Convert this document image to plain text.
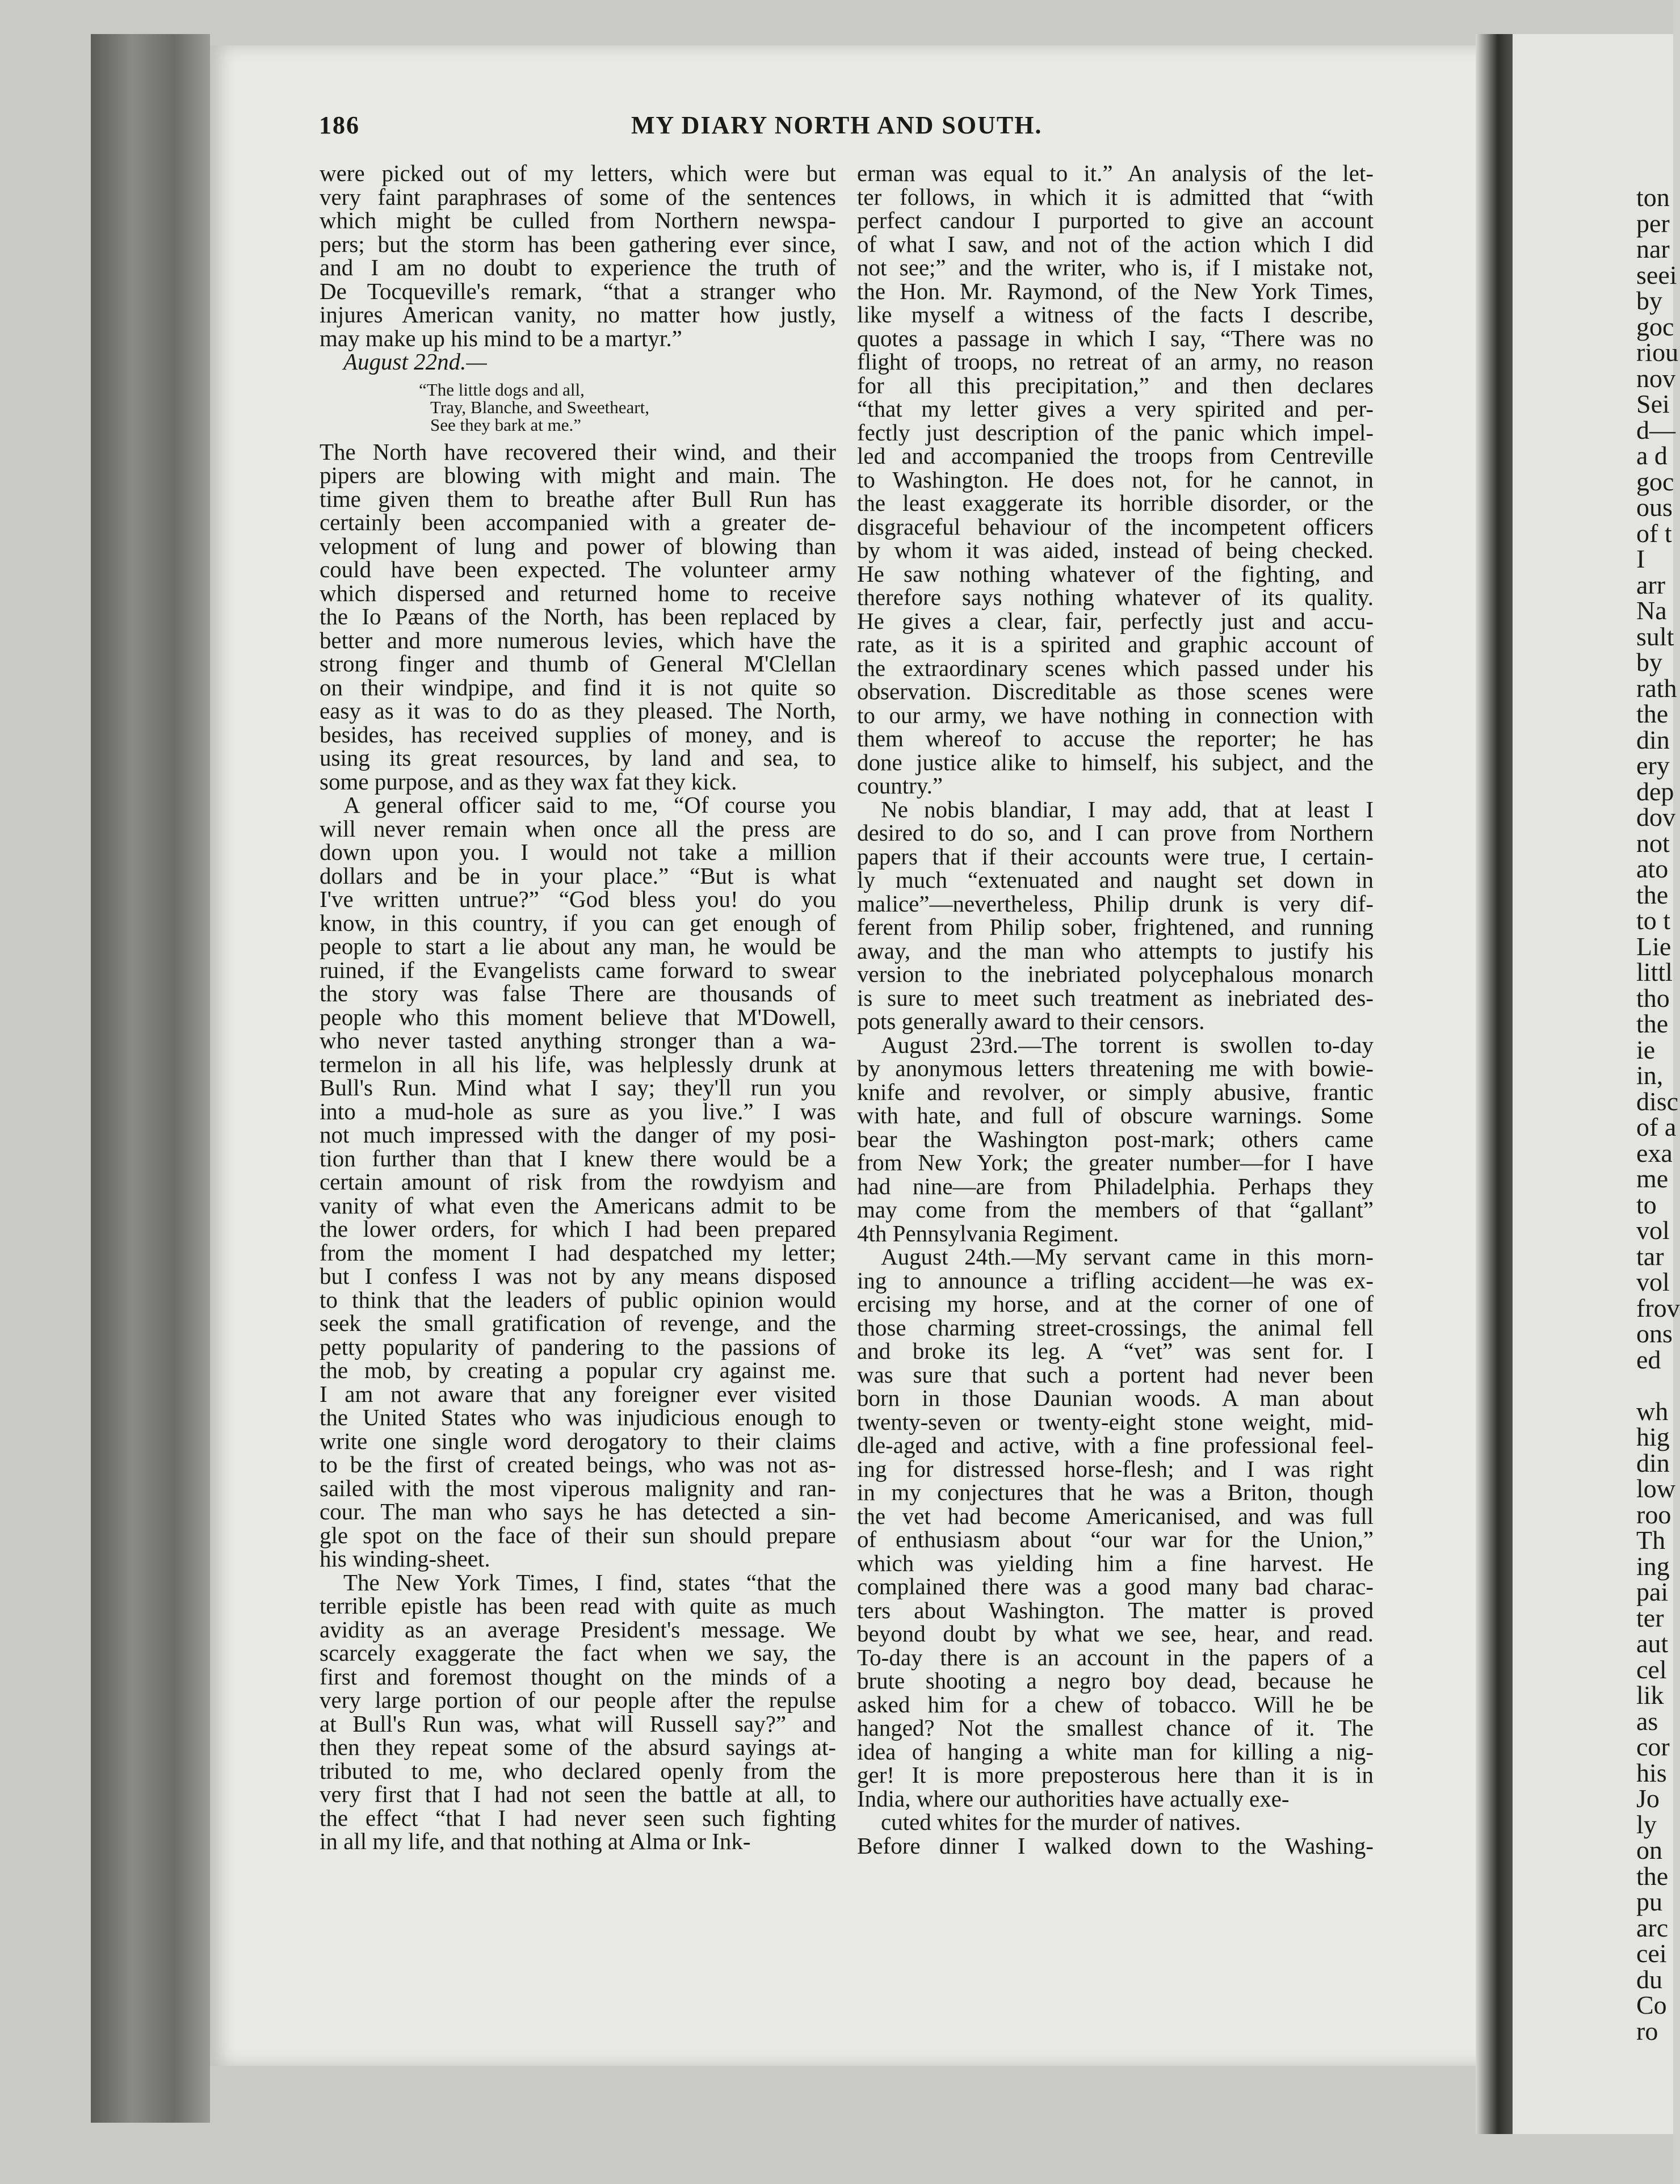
ton
per
nar
seei
by
goc
riou
nov
Sei
d—
a d
goc
ous
of t
I
arr
Na
sult
by
rath
the
din
ery
dep
dov
not
ato
the
to t
Lie
littl
tho
the
ie
in,
disc
of a
exa
me
to
vol
tar
vol
frov
ons
ed
wh
hig
din
low
roo
Th
ing
pai
ter
aut
cel
lik
as
cor
his
Jo
ly
on
the
pu
arc
cei
du
Co
ro
186	MY DIARY NORTH AND SOUTH.
were picked out of my letters, which were but
very faint paraphrases of some of the sentences
which might be culled from Northern newspa-
pers; but the storm has been gathering ever since,
and I am no doubt to experience the truth of
De Tocqueville's remark, “that a stranger who
injures American vanity, no matter how justly,
may make up his mind to be a martyr.”
August 22nd.—
“The little dogs and all,
Tray, Blanche, and Sweetheart,
See they bark at me.”
The North have recovered their wind, and their
pipers are blowing with might and main. The
time given them to breathe after Bull Run has
certainly been accompanied with a greater de-
velopment of lung and power of blowing than
could have been expected. The volunteer army
which dispersed and returned home to receive
the Io Pæans of the North, has been replaced by
better and more numerous levies, which have the
strong finger and thumb of General M'Clellan
on their windpipe, and find it is not quite so
easy as it was to do as they pleased. The North,
besides, has received supplies of money, and is
using its great resources, by land and sea, to
some purpose, and as they wax fat they kick.
A general officer said to me, “Of course you
will never remain when once all the press are
down upon you. I would not take a million
dollars and be in your place.” “But is what
I've written untrue?” “God bless you! do you
know, in this country, if you can get enough of
people to start a lie about any man, he would be
ruined, if the Evangelists came forward to swear
the story was false There are thousands of
people who this moment believe that M'Dowell,
who never tasted anything stronger than a wa-
termelon in all his life, was helplessly drunk at
Bull's Run. Mind what I say; they'll run you
into a mud-hole as sure as you live.” I was
not much impressed with the danger of my posi-
tion further than that I knew there would be a
certain amount of risk from the rowdyism and
vanity of what even the Americans admit to be
the lower orders, for which I had been prepared
from the moment I had despatched my letter;
but I confess I was not by any means disposed
to think that the leaders of public opinion would
seek the small gratification of revenge, and the
petty popularity of pandering to the passions of
the mob, by creating a popular cry against me.
I am not aware that any foreigner ever visited
the United States who was injudicious enough to
write one single word derogatory to their claims
to be the first of created beings, who was not as-
sailed with the most viperous malignity and ran-
cour. The man who says he has detected a sin-
gle spot on the face of their sun should prepare
his winding-sheet.
The New York Times, I find, states “that the
terrible epistle has been read with quite as much
avidity as an average President's message. We
scarcely exaggerate the fact when we say, the
first and foremost thought on the minds of a
very large portion of our people after the repulse
at Bull's Run was, what will Russell say?” and
then they repeat some of the absurd sayings at-
tributed to me, who declared openly from the
very first that I had not seen the battle at all, to
the effect “that I had never seen such fighting
in all my life, and that nothing at Alma or Ink-
erman was equal to it.” An analysis of the let-
ter follows, in which it is admitted that “with
perfect candour I purported to give an account
of what I saw, and not of the action which I did
not see;” and the writer, who is, if I mistake not,
the Hon. Mr. Raymond, of the New York Times,
like myself a witness of the facts I describe,
quotes a passage in which I say, “There was no
flight of troops, no retreat of an army, no reason
for all this precipitation,” and then declares
“that my letter gives a very spirited and per-
fectly just description of the panic which impel-
led and accompanied the troops from Centreville
to Washington. He does not, for he cannot, in
the least exaggerate its horrible disorder, or the
disgraceful behaviour of the incompetent officers
by whom it was aided, instead of being checked.
He saw nothing whatever of the fighting, and
therefore says nothing whatever of its quality.
He gives a clear, fair, perfectly just and accu-
rate, as it is a spirited and graphic account of
the extraordinary scenes which passed under his
observation. Discreditable as those scenes were
to our army, we have nothing in connection with
them whereof to accuse the reporter; he has
done justice alike to himself, his subject, and the
country.”
Ne nobis blandiar, I may add, that at least I
desired to do so, and I can prove from Northern
papers that if their accounts were true, I certain-
ly much “extenuated and naught set down in
malice”—nevertheless, Philip drunk is very dif-
ferent from Philip sober, frightened, and running
away, and the man who attempts to justify his
version to the inebriated polycephalous monarch
is sure to meet such treatment as inebriated des-
pots generally award to their censors.
August 23rd.—The torrent is swollen to-day
by anonymous letters threatening me with bowie-
knife and revolver, or simply abusive, frantic
with hate, and full of obscure warnings. Some
bear the Washington post-mark; others came
from New York; the greater number—for I have
had nine—are from Philadelphia. Perhaps they
may come from the members of that “gallant”
4th Pennsylvania Regiment.
August 24th.—My servant came in this morn-
ing to announce a trifling accident—he was ex-
ercising my horse, and at the corner of one of
those charming street-crossings, the animal fell
and broke its leg. A “vet” was sent for. I
was sure that such a portent had never been
born in those Daunian woods. A man about
twenty-seven or twenty-eight stone weight, mid-
dle-aged and active, with a fine professional feel-
ing for distressed horse-flesh; and I was right
in my conjectures that he was a Briton, though
the vet had become Americanised, and was full
of enthusiasm about “our war for the Union,”
which was yielding him a fine harvest. He
complained there was a good many bad charac-
ters about Washington. The matter is proved
beyond doubt by what we see, hear, and read.
To-day there is an account in the papers of a
brute shooting a negro boy dead, because he
asked him for a chew of tobacco. Will he be
hanged? Not the smallest chance of it. The
idea of hanging a white man for killing a nig-
ger! It is more preposterous here than it is in
India, where our authorities have actually exe-
cuted whites for the murder of natives.
Before dinner I walked down to the Washing-
